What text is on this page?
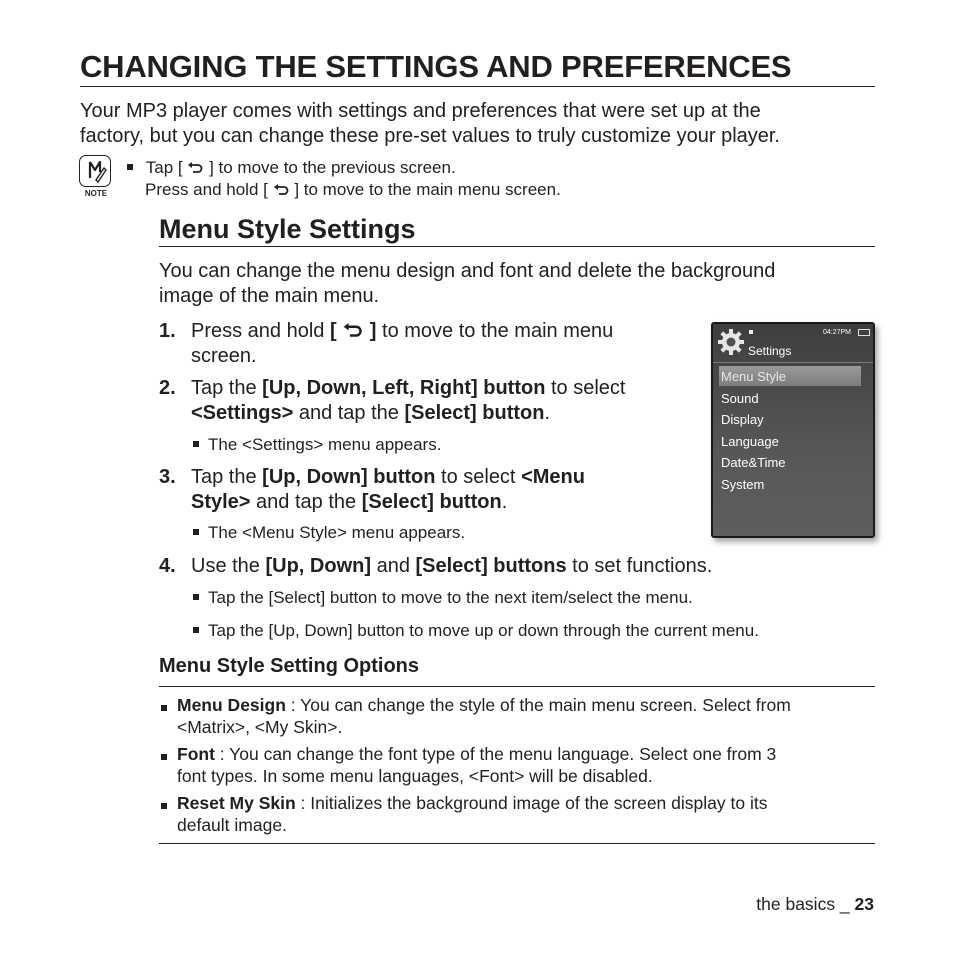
CHANGING THE SETTINGS AND PREFERENCES
Your MP3 player comes with settings and preferences that were set up at the
factory, but you can change these pre-set values to truly customize your player.
NOTE
Tap [ ] to move to the previous screen.
Press and hold [ ] to move to the main menu screen.
Menu Style Settings
You can change the menu design and font and delete the background
image of the main menu.
1. Press and hold [ ] to move to the main menu
screen.
2. Tap the [Up, Down, Left, Right] button to select
<Settings> and tap the [Select] button.
The <Settings> menu appears.
3. Tap the [Up, Down] button to select <Menu
Style> and tap the [Select] button.
The <Menu Style> menu appears.
4. Use the [Up, Down] and [Select] buttons to set functions.
Tap the [Select] button to move to the next item/select the menu.
Tap the [Up, Down] button to move up or down through the current menu.
04:27PM
Settings
Menu Style
Sound
Display
Language
Date&Time
System
Menu Style Setting Options
Menu Design : You can change the style of the main menu screen. Select from
<Matrix>, <My Skin>.
Font : You can change the font type of the menu language. Select one from 3
font types. In some menu languages, <Font> will be disabled.
Reset My Skin : Initializes the background image of the screen display to its
default image.
the basics _ 23
